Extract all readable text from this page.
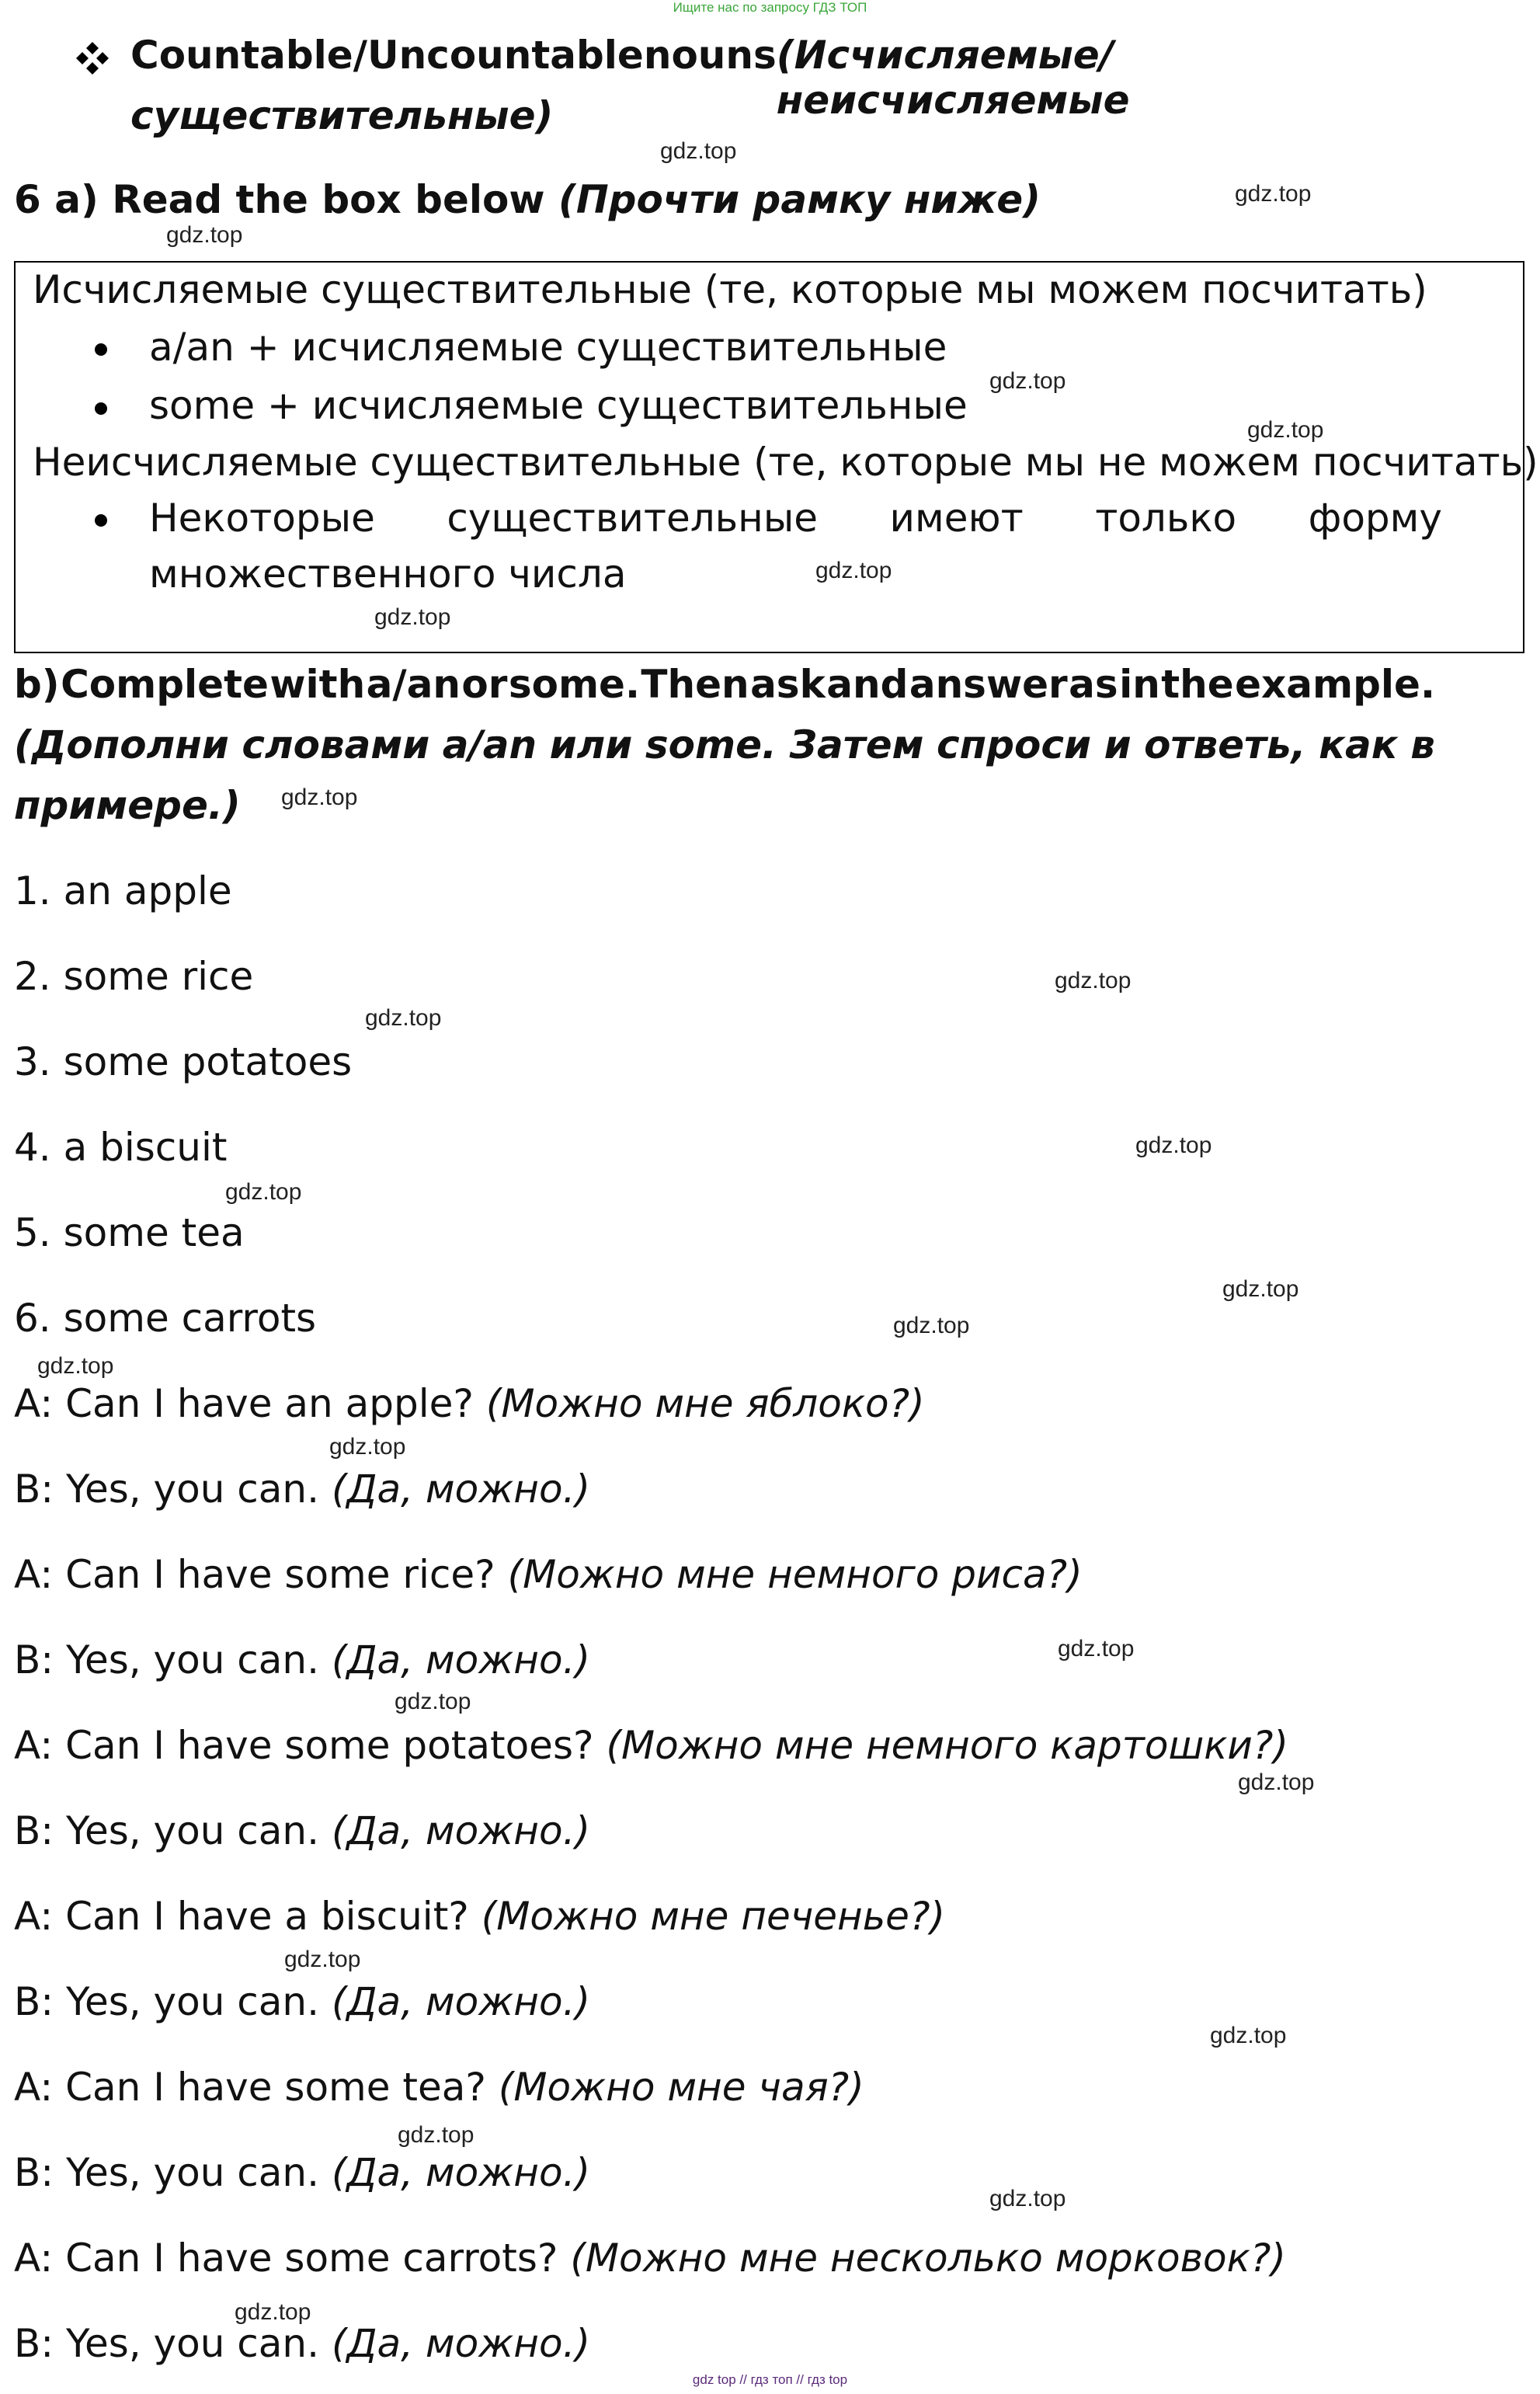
Ищите нас по запросу ГДЗ ТОП
Countable/Uncountable nouns (Исчисляемые/неисчисляемые
существительные)
6 a) Read the box below (Прочти рамку ниже)
Исчисляемые существительные (те, которые мы можем посчитать)
a/an + исчисляемые существительные
some + исчисляемые существительные
Неисчисляемые существительные (те, которые мы не можем посчитать)
Некоторые существительные имеют только форму
множественного числа
b) Complete with a/an or some. Then ask and answer as in the example.
(Дополни словами a/an или some. Затем спроси и ответь, как в
примере.)
1. an apple
2. some rice
3. some potatoes
4. a biscuit
5. some tea
6. some carrots
A: Can I have an apple? (Можно мне яблоко?)
B: Yes, you can. (Да, можно.)
A: Can I have some rice? (Можно мне немного риса?)
B: Yes, you can. (Да, можно.)
A: Can I have some potatoes? (Можно мне немного картошки?)
B: Yes, you can. (Да, можно.)
A: Can I have a biscuit? (Можно мне печенье?)
B: Yes, you can. (Да, можно.)
A: Can I have some tea? (Можно мне чая?)
B: Yes, you can. (Да, можно.)
A: Can I have some carrots? (Можно мне несколько морковок?)
B: Yes, you can. (Да, можно.)
gdz.top
gdz.top
gdz.top
gdz.top
gdz.top
gdz.top
gdz.top
gdz.top
gdz.top
gdz.top
gdz.top
gdz.top
gdz.top
gdz.top
gdz.top
gdz.top
gdz.top
gdz.top
gdz.top
gdz.top
gdz.top
gdz.top
gdz.top
gdz.top
gdz top // гдз топ // гдз top
